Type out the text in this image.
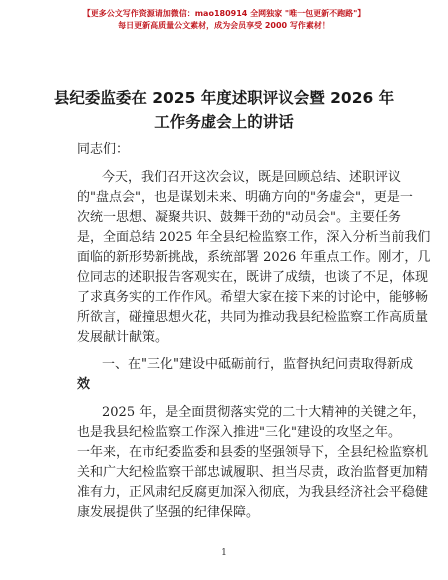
【更多公文写作资源请加微信：mao180914 全网独家 "唯一包更新不跑路"】
每日更新高质量公文素材，成为会员享受 2000 写作素材！
县纪委监委在 2025 年度述职评议会暨 2026 年
工作务虚会上的讲话
同志们：
今天，我们召开这次会议，既是回顾总结、述职评议
的"盘点会"，也是谋划未来、明确方向的"务虚会"，更是一
次统一思想、凝聚共识、鼓舞干劲的"动员会"。主要任务
是，全面总结 2025 年全县纪检监察工作，深入分析当前我们
面临的新形势新挑战，系统部署 2026 年重点工作。刚才，几
位同志的述职报告客观实在，既讲了成绩，也谈了不足，体现
了求真务实的工作作风。希望大家在接下来的讨论中，能够畅
所欲言，碰撞思想火花，共同为推动我县纪检监察工作高质量
发展献计献策。
一、在"三化"建设中砥砺前行，监督执纪问责取得新成
效
2025 年，是全面贯彻落实党的二十大精神的关键之年，
也是我县纪检监察工作深入推进"三化"建设的攻坚之年。
一年来，在市纪委监委和县委的坚强领导下，全县纪检监察机
关和广大纪检监察干部忠诚履职、担当尽责，政治监督更加精
准有力，正风肃纪反腐更加深入彻底，为我县经济社会平稳健
康发展提供了坚强的纪律保障。
1
